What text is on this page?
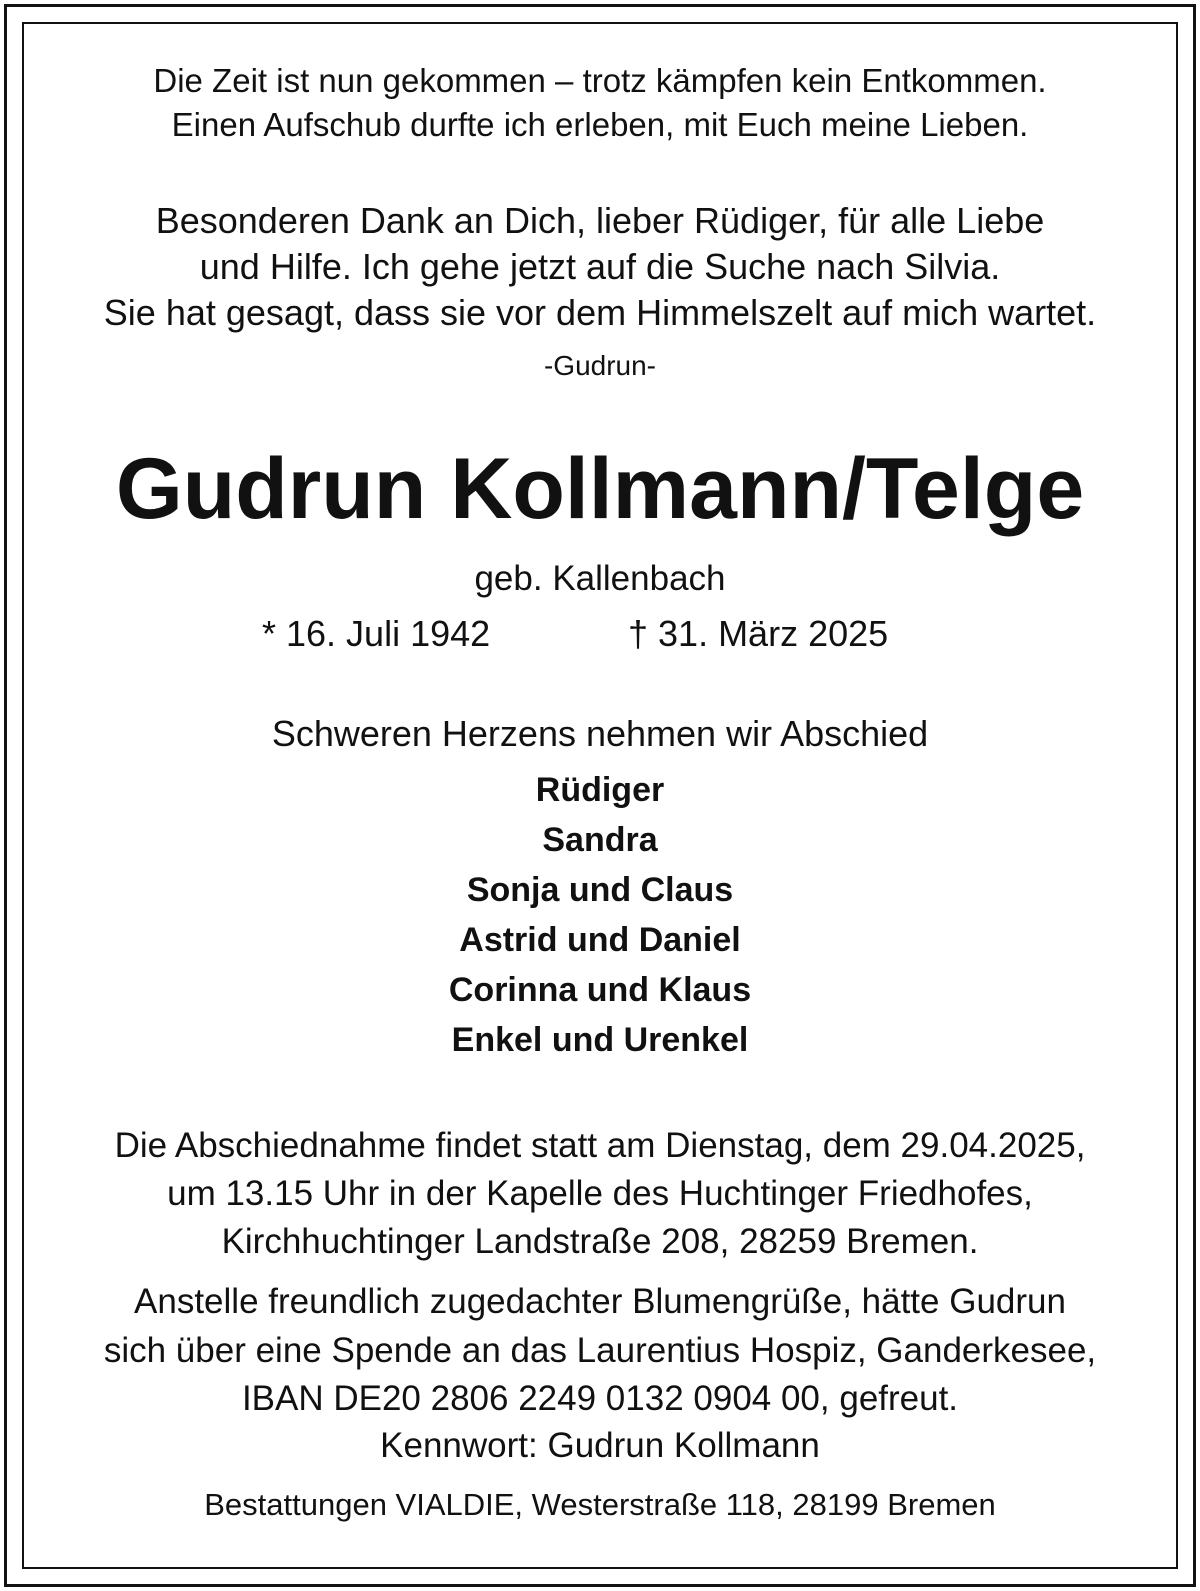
Die Zeit ist nun gekommen – trotz kämpfen kein Entkommen.
Einen Aufschub durfte ich erleben, mit Euch meine Lieben.
Besonderen Dank an Dich, lieber Rüdiger, für alle Liebe
und Hilfe. Ich gehe jetzt auf die Suche nach Silvia.
Sie hat gesagt, dass sie vor dem Himmelszelt auf mich wartet.
-Gudrun-
Gudrun Kollmann/Telge
geb. Kallenbach
* 16. Juli 1942	† 31. März 2025
Schweren Herzens nehmen wir Abschied
Rüdiger
Sandra
Sonja und Claus
Astrid und Daniel
Corinna und Klaus
Enkel und Urenkel
Die Abschiednahme findet statt am Dienstag, dem 29.04.2025,
um 13.15 Uhr in der Kapelle des Huchtinger Friedhofes,
Kirchhuchtinger Landstraße 208, 28259 Bremen.
Anstelle freundlich zugedachter Blumengrüße, hätte Gudrun
sich über eine Spende an das Laurentius Hospiz, Ganderkesee,
IBAN DE20 2806 2249 0132 0904 00, gefreut.
Kennwort: Gudrun Kollmann
Bestattungen VIALDIE, Westerstraße 118, 28199 Bremen
